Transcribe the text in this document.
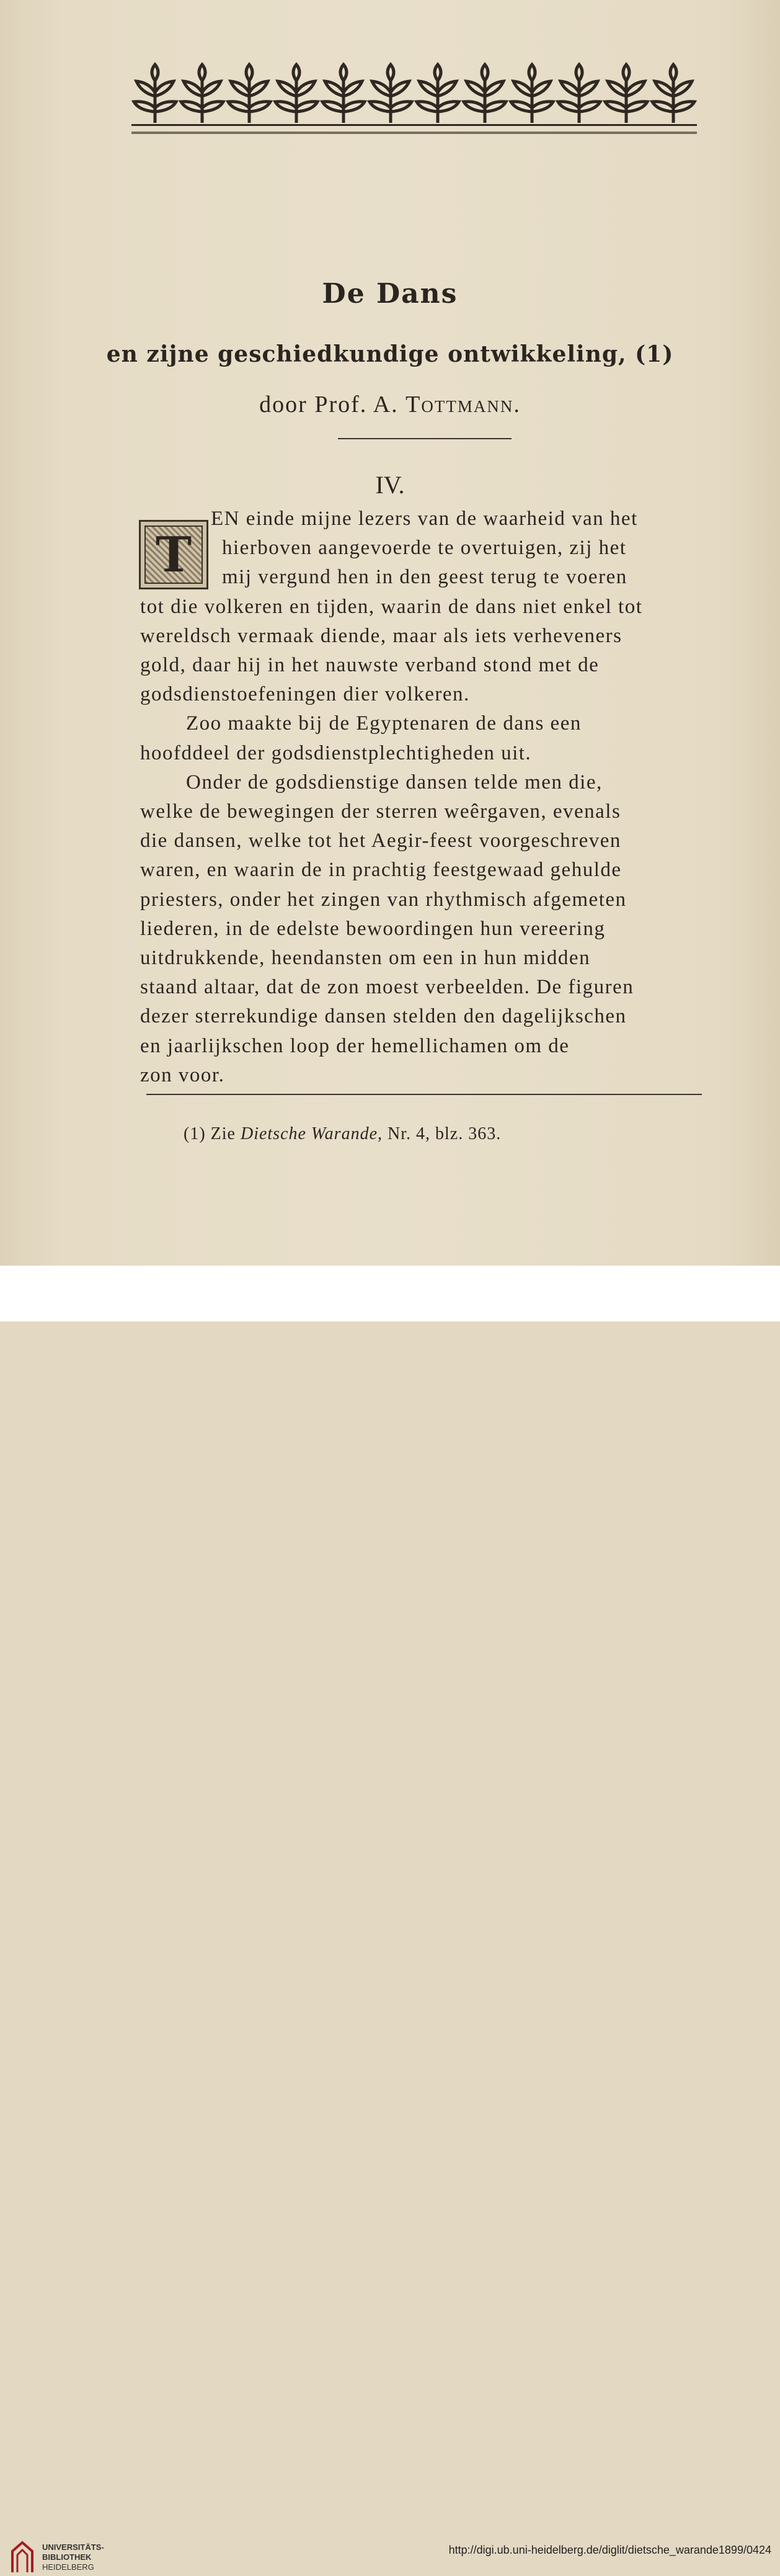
De Dans
en zijne geschiedkundige ontwikkeling, (1)
door Prof. A. Tottmann.
IV.
T
EN einde mijne lezers van de waarheid van het
hierboven aangevoerde te overtuigen, zij het
mij vergund hen in den geest terug te voeren
tot die volkeren en tijden, waarin de dans niet enkel tot
wereldsch vermaak diende, maar als iets verheveners
gold, daar hij in het nauwste verband stond met de
godsdienstoefeningen dier volkeren.
Zoo maakte bij de Egyptenaren de dans een
hoofddeel der godsdienstplechtigheden uit.
Onder de godsdienstige dansen telde men die,
welke de bewegingen der sterren weêrgaven, evenals
die dansen, welke tot het Aegir-feest voorgeschreven
waren, en waarin de in prachtig feestgewaad gehulde
priesters, onder het zingen van rhythmisch afgemeten
liederen, in de edelste bewoordingen hun vereering
uitdrukkende, heendansten om een in hun midden
staand altaar, dat de zon moest verbeelden. De figuren
dezer sterrekundige dansen stelden den dagelijkschen
en jaarlijkschen loop der hemellichamen om de
zon voor.
(1) Zie Dietsche Warande, Nr. 4, blz. 363.
UNIVERSITÄTS-
BIBLIOTHEK
HEIDELBERG
http://digi.ub.uni-heidelberg.de/diglit/dietsche_warande1899/0424
